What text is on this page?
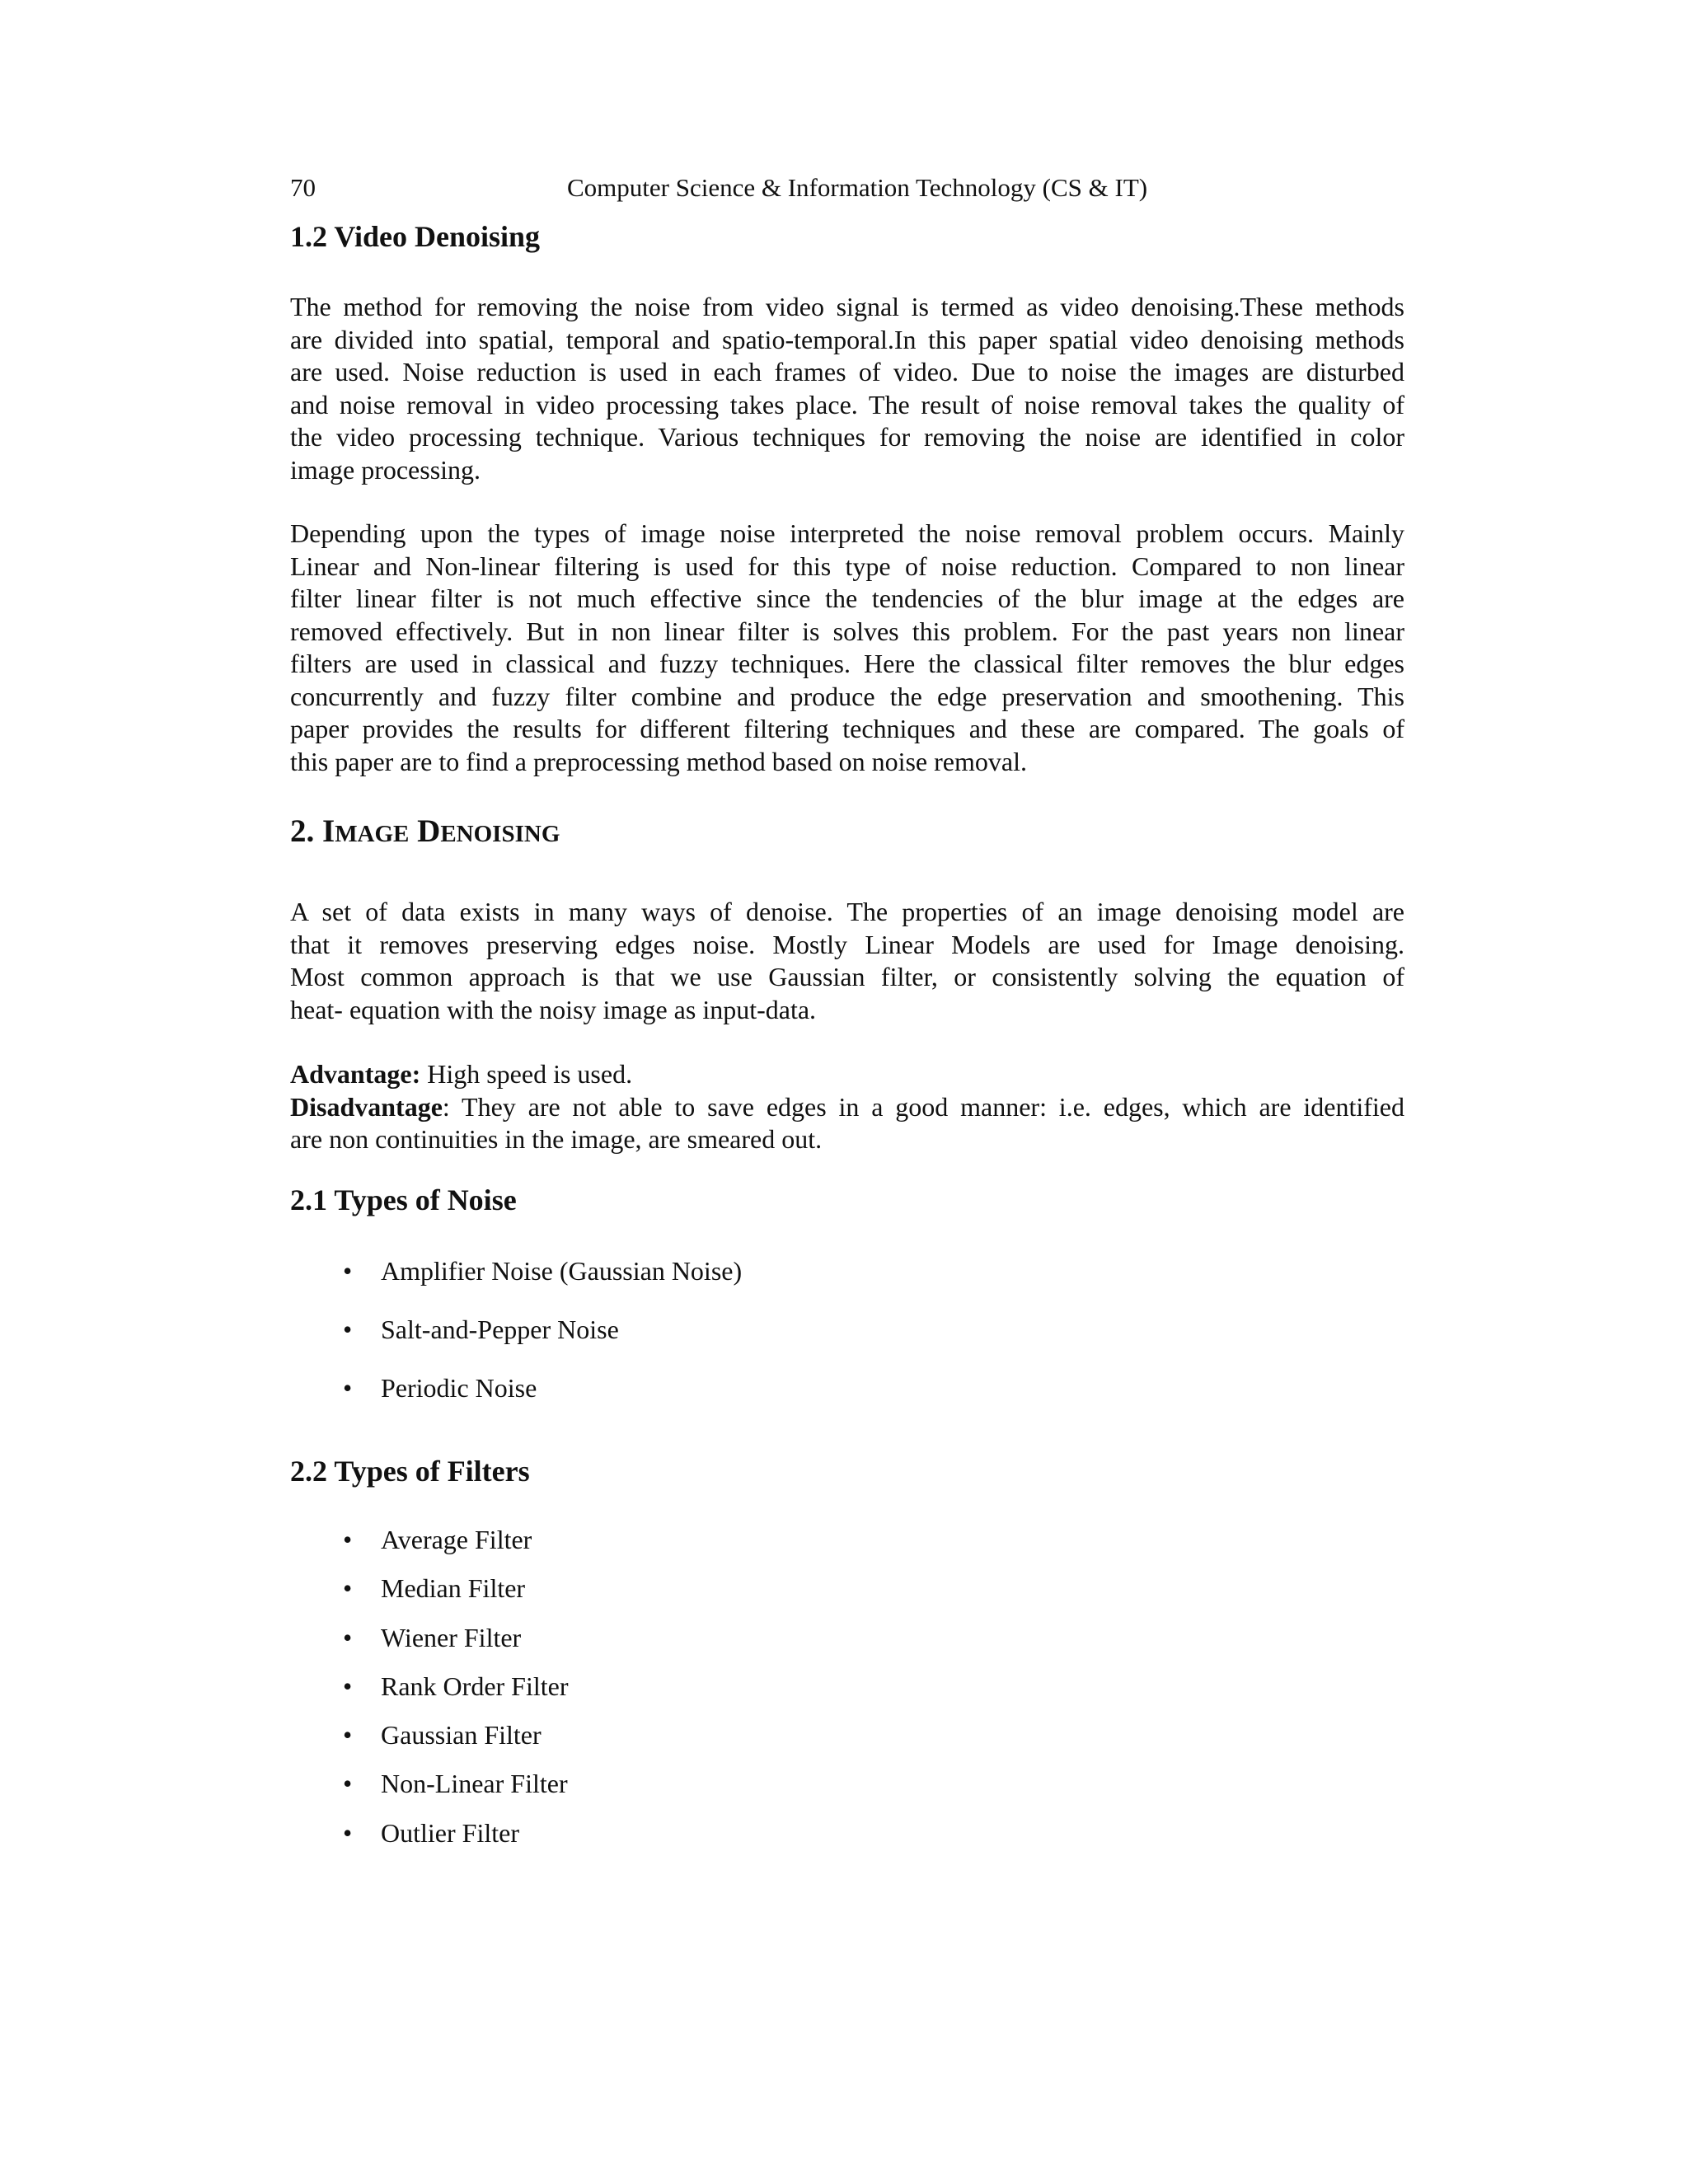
70	Computer Science & Information Technology (CS & IT)
1.2 Video Denoising
The method for removing the noise from video signal is termed as video denoising.These methods
are divided into spatial, temporal and spatio-temporal.In this paper spatial video denoising methods
are used. Noise reduction is used in each frames of video. Due to noise the images are disturbed
and noise removal in video processing takes place. The result of noise removal takes the quality of
the video processing technique. Various techniques for removing the noise are identified in color
image processing.
Depending upon the types of image noise interpreted the noise removal problem occurs. Mainly
Linear and Non-linear filtering is used for this type of noise reduction. Compared to non linear
filter linear filter is not much effective since the tendencies of the blur image at the edges are
removed effectively. But in non linear filter is solves this problem. For the past years non linear
filters are used in classical and fuzzy techniques. Here the classical filter removes the blur edges
concurrently and fuzzy filter combine and produce the edge preservation and smoothening. This
paper provides the results for different filtering techniques and these are compared. The goals of
this paper are to find a preprocessing method based on noise removal.
2. IMAGE DENOISING
A set of data exists in many ways of denoise. The properties of an image denoising model are
that it removes preserving edges noise. Mostly Linear Models are used for Image denoising.
Most common approach is that we use Gaussian filter, or consistently solving the equation of
heat- equation with the noisy image as input-data.
Advantage: High speed is used.
Disadvantage: They are not able to save edges in a good manner: i.e. edges, which are identified
are non continuities in the image, are smeared out.
2.1 Types of Noise
• Amplifier Noise (Gaussian Noise)
• Salt-and-Pepper Noise
• Periodic Noise
2.2 Types of Filters
• Average Filter
• Median Filter
• Wiener Filter
• Rank Order Filter
• Gaussian Filter
• Non-Linear Filter
• Outlier Filter
